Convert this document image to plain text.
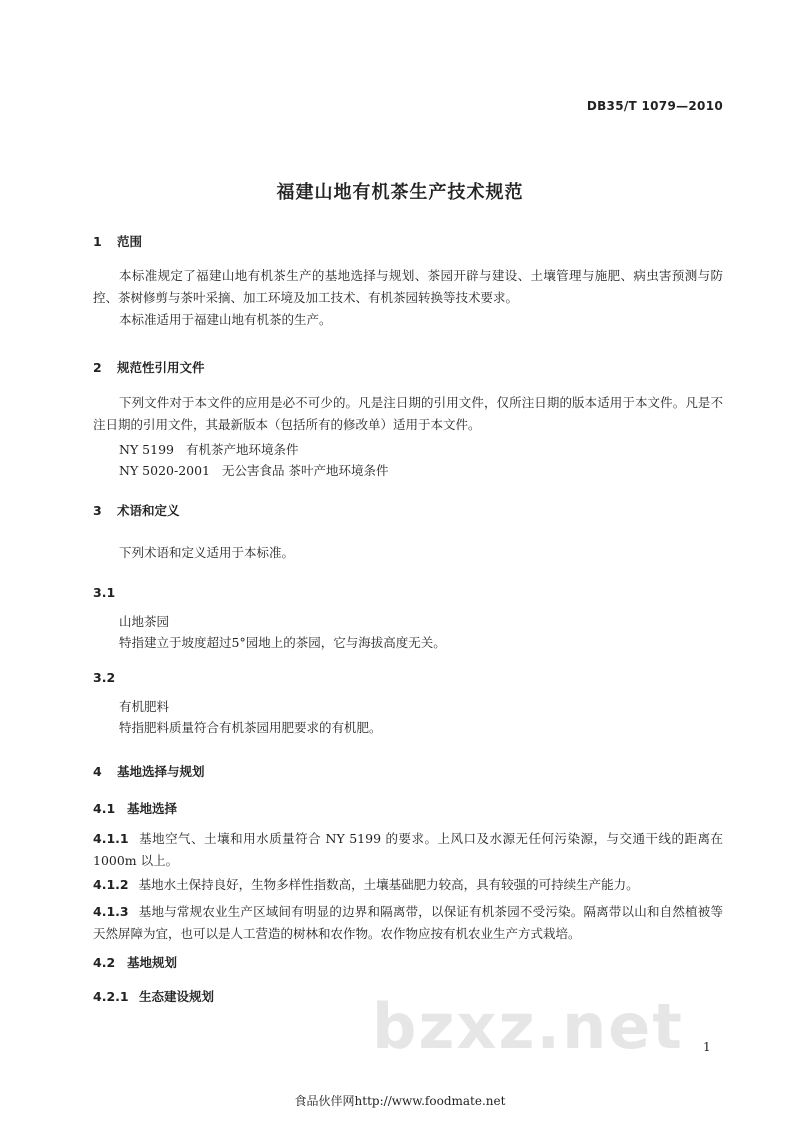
DB35/T 1079—2010
福建山地有机茶生产技术规范
1 范围
本标准规定了福建山地有机茶生产的基地选择与规划、茶园开辟与建设、土壤管理与施肥、病虫害预测与防控、茶树修剪与茶叶采摘、加工环境及加工技术、有机茶园转换等技术要求。
本标准适用于福建山地有机茶的生产。
2 规范性引用文件
下列文件对于本文件的应用是必不可少的。凡是注日期的引用文件，仅所注日期的版本适用于本文件。凡是不注日期的引用文件，其最新版本（包括所有的修改单）适用于本文件。
NY 5199 有机茶产地环境条件
NY 5020-2001 无公害食品 茶叶产地环境条件
3 术语和定义
下列术语和定义适用于本标准。
3.1
山地茶园
特指建立于坡度超过5°园地上的茶园，它与海拔高度无关。
3.2
有机肥料
特指肥料质量符合有机茶园用肥要求的有机肥。
4 基地选择与规划
4.1 基地选择
4.1.1 基地空气、土壤和用水质量符合 NY 5199 的要求。上风口及水源无任何污染源，与交通干线的距离在 1000m 以上。
4.1.2 基地水土保持良好，生物多样性指数高，土壤基础肥力较高，具有较强的可持续生产能力。
4.1.3 基地与常规农业生产区域间有明显的边界和隔离带，以保证有机茶园不受污染。隔离带以山和自然植被等天然屏障为宜，也可以是人工营造的树林和农作物。农作物应按有机农业生产方式栽培。
4.2 基地规划
4.2.1 生态建设规划	bzxz.net 1
食品伙伴网http://www.foodmate.net
